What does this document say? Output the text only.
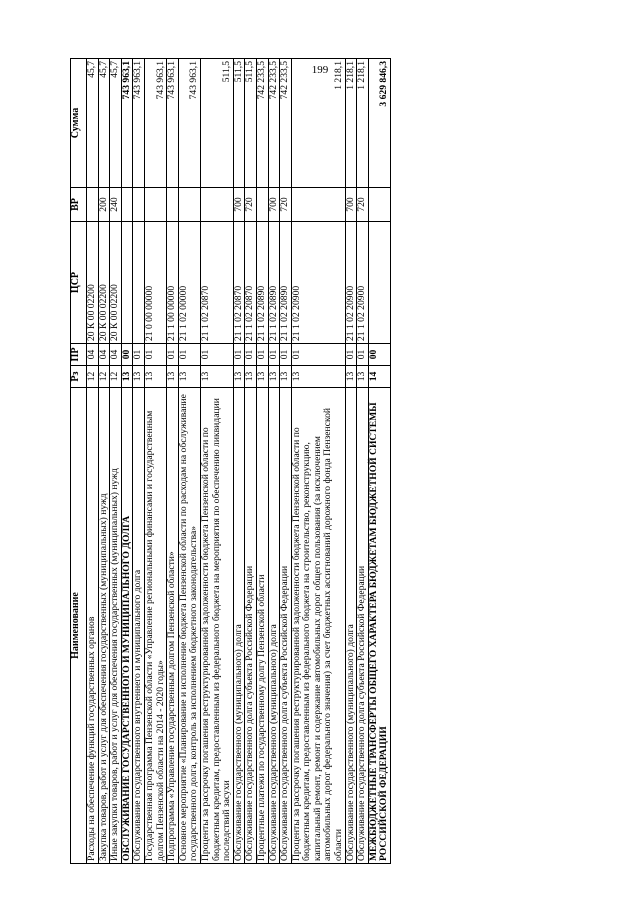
199
Наименование	Рз	ПР	ЦСР	ВР	Сумма
Расходы на обеспечение функций государственных органов	12	04	20 К 00 02200		45,7
Закупка товаров, работ и услуг для обеспечения государственных (муниципальных) нужд	12	04	20 К 00 02200	200	45,7
Иные закупки товаров, работ и услуг для обеспечения государственных (муниципальных) нужд	12	04	20 К 00 02200	240	45,7
ОБСЛУЖИВАНИЕ ГОСУДАРСТВЕННОГО И МУНИЦИПАЛЬНОГО ДОЛГА	13	00			743 963,1
Обслуживание государственного внутреннего и муниципального долга	13	01			743 963,1
Государственная программа Пензенской области «Управление региональными финансами и государственным долгом Пензенской области на 2014 - 2020 годы»	13	01	21 0 00 00000		743 963,1
Подпрограмма «Управление государственным долгом Пензенской области»	13	01	21 1 00 00000		743 963,1
Основное мероприятие «Планирование и исполнение бюджета Пензенской области по расходам на обслуживание государственного долга, контроль за исполнением бюджетного законодательства»	13	01	21 1 02 00000		743 963,1
Проценты за рассрочку погашения реструктурированной задолженности бюджета Пензенской области по бюджетным кредитам, предоставленным из федерального бюджета на мероприятия по обеспечению ликвидации последствий засухи	13	01	21 1 02 20870		511,5
Обслуживание государственного (муниципального) долга	13	01	21 1 02 20870	700	511,5
Обслуживание государственного долга субъекта Российской Федерации	13	01	21 1 02 20870	720	511,5
Процентные платежи по государственному долгу Пензенской области	13	01	21 1 02 20890		742 233,5
Обслуживание государственного (муниципального) долга	13	01	21 1 02 20890	700	742 233,5
Обслуживание государственного долга субъекта Российской Федерации	13	01	21 1 02 20890	720	742 233,5
Проценты за рассрочку погашения реструктурированной задолженности бюджета Пензенской области по бюджетным кредитам, предоставленным из федерального бюджета на строительство, реконструкцию, капитальный ремонт, ремонт и содержание автомобильных дорог общего пользования (за исключением автомобильных дорог федерального значения) за счет бюджетных ассигнований дорожного фонда Пензенской области	13	01	21 1 02 20900		1 218,1
Обслуживание государственного (муниципального) долга	13	01	21 1 02 20900	700	1 218,1
Обслуживание государственного долга субъекта Российской Федерации	13	01	21 1 02 20900	720	1 218,1
МЕЖБЮДЖЕТНЫЕ ТРАНСФЕРТЫ ОБЩЕГО ХАРАКТЕРА БЮДЖЕТАМ БЮДЖЕТНОЙ СИСТЕМЫ РОССИЙСКОЙ ФЕДЕРАЦИИ	14	00			3 629 846,3
